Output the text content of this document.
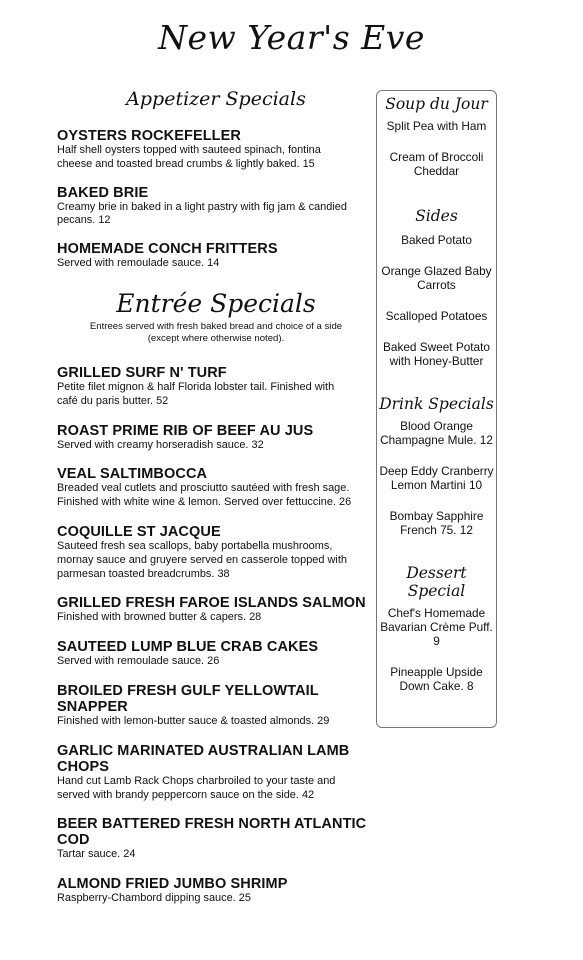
New Year's Eve
Appetizer Specials
OYSTERS ROCKEFELLER
Half shell oysters topped with sauteed spinach, fontina
cheese and toasted bread crumbs & lightly baked. 15
BAKED BRIE
Creamy brie in baked in a light pastry with fig jam & candied
pecans. 12
HOMEMADE CONCH FRITTERS
Served with remoulade sauce. 14
Entrée Specials
Entrees served with fresh baked bread and choice of a side
(except where otherwise noted).
GRILLED SURF N' TURF
Petite filet mignon & half Florida lobster tail. Finished with
café du paris butter. 52
ROAST PRIME RIB OF BEEF AU JUS
Served with creamy horseradish sauce. 32
VEAL SALTIMBOCCA
Breaded veal cutlets and prosciutto sautéed with fresh sage.
Finished with white wine & lemon. Served over fettuccine. 26
COQUILLE ST JACQUE
Sauteed fresh sea scallops, baby portabella mushrooms,
mornay sauce and gruyere served en casserole topped with
parmesan toasted breadcrumbs. 38
GRILLED FRESH FAROE ISLANDS SALMON
Finished with browned butter & capers. 28
SAUTEED LUMP BLUE CRAB CAKES
Served with remoulade sauce. 26
BROILED FRESH GULF YELLOWTAIL SNAPPER
Finished with lemon-butter sauce & toasted almonds. 29
GARLIC MARINATED AUSTRALIAN LAMB CHOPS
Hand cut Lamb Rack Chops charbroiled to your taste and
served with brandy peppercorn sauce on the side. 42
BEER BATTERED FRESH NORTH ATLANTIC COD
Tartar sauce. 24
ALMOND FRIED JUMBO SHRIMP
Raspberry-Chambord dipping sauce. 25
Soup du Jour
Split Pea with Ham
Cream of Broccoli
Cheddar
Sides
Baked Potato
Orange Glazed Baby
Carrots
Scalloped Potatoes
Baked Sweet Potato
with Honey-Butter
Drink Specials
Blood Orange
Champagne Mule. 12
Deep Eddy Cranberry
Lemon Martini 10
Bombay Sapphire
French 75. 12
Dessert Special
Chef's Homemade
Bavarian Crème Puff.
9
Pineapple Upside
Down Cake. 8
